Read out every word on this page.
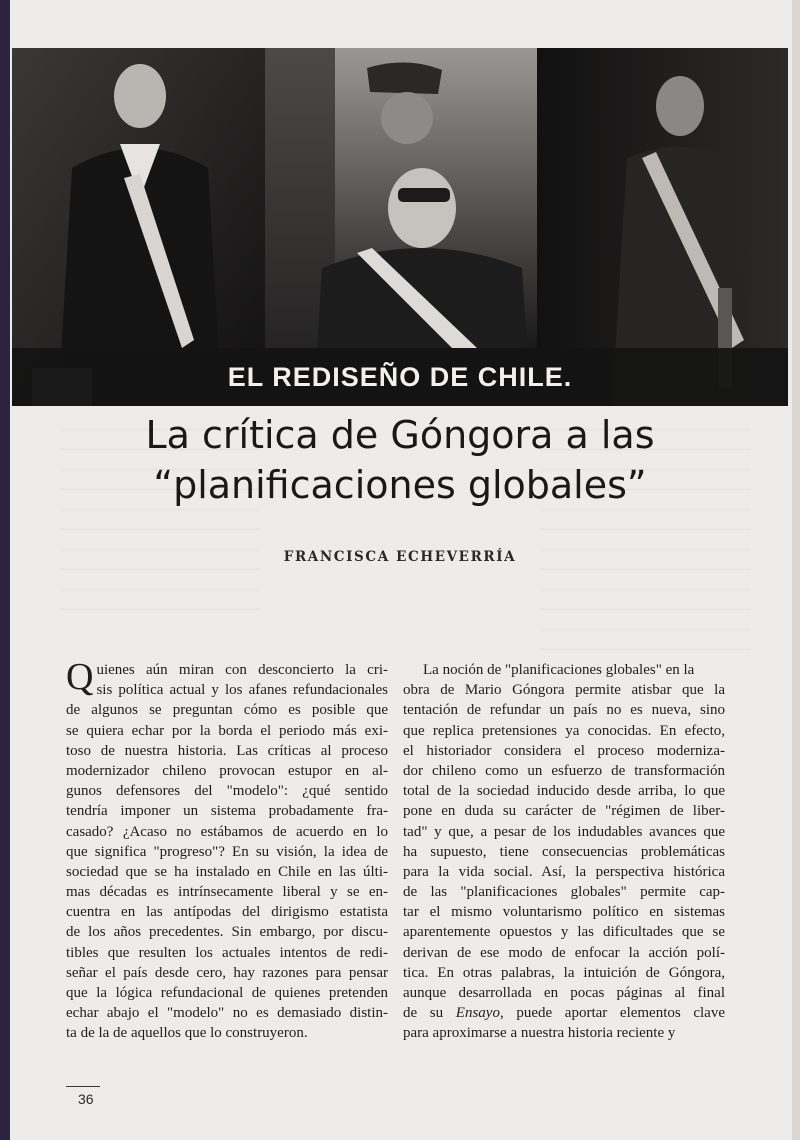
EL REDISEÑO DE CHILE.
La crítica de Góngora a las
“planificaciones globales”
FRANCISCA ECHEVERRÍA
Q uienes aún miran con desconcierto la cri-
sis política actual y los afanes refundacionales
de algunos se preguntan cómo es posible que
se quiera echar por la borda el periodo más exi-
toso de nuestra historia. Las críticas al proceso
modernizador chileno provocan estupor en al-
gunos defensores del "modelo": ¿qué sentido
tendría imponer un sistema probadamente fra-
casado? ¿Acaso no estábamos de acuerdo en lo
que significa "progreso"? En su visión, la idea de
sociedad que se ha instalado en Chile en las últi-
mas décadas es intrínsecamente liberal y se en-
cuentra en las antípodas del dirigismo estatista
de los años precedentes. Sin embargo, por discu-
tibles que resulten los actuales intentos de redi-
señar el país desde cero, hay razones para pensar
que la lógica refundacional de quienes pretenden
echar abajo el "modelo" no es demasiado distin-
ta de la de aquellos que lo construyeron.
La noción de "planificaciones globales" en la
obra de Mario Góngora permite atisbar que la
tentación de refundar un país no es nueva, sino
que replica pretensiones ya conocidas. En efecto,
el historiador considera el proceso moderniza-
dor chileno como un esfuerzo de transformación
total de la sociedad inducido desde arriba, lo que
pone en duda su carácter de "régimen de liber-
tad" y que, a pesar de los indudables avances que
ha supuesto, tiene consecuencias problemáticas
para la vida social. Así, la perspectiva histórica
de las "planificaciones globales" permite cap-
tar el mismo voluntarismo político en sistemas
aparentemente opuestos y las dificultades que se
derivan de ese modo de enfocar la acción polí-
tica. En otras palabras, la intuición de Góngora,
aunque desarrollada en pocas páginas al final
de su Ensayo, puede aportar elementos clave
para aproximarse a nuestra historia reciente y
36
